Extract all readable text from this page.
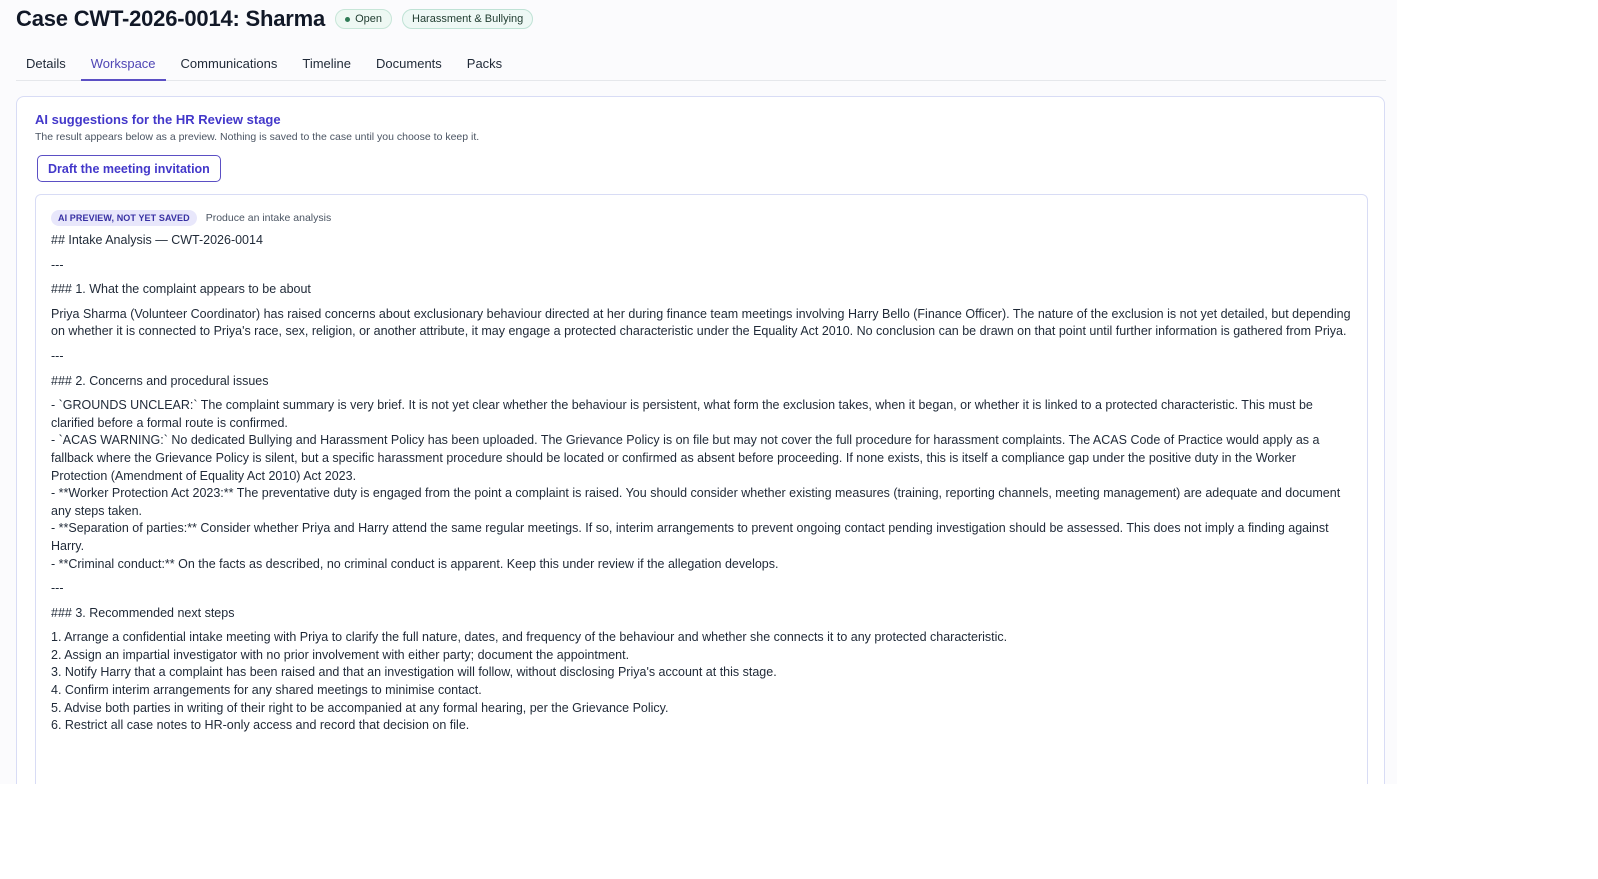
Case CWT-2026-0014: Sharma	Open	Harassment & Bullying
Details	Workspace	Communications	Timeline	Documents	Packs
AI suggestions for the HR Review stage
The result appears below as a preview. Nothing is saved to the case until you choose to keep it.
Draft the meeting invitation
AI PREVIEW, NOT YET SAVED	Produce an intake analysis

## Intake Analysis — CWT-2026-0014

---

### 1. What the complaint appears to be about

Priya Sharma (Volunteer Coordinator) has raised concerns about exclusionary behaviour directed at her during finance team meetings involving Harry Bello (Finance Officer). The nature of the exclusion is not yet detailed, but depending on whether it is connected to Priya's race, sex, religion, or another attribute, it may engage a protected characteristic under the Equality Act 2010. No conclusion can be drawn on that point until further information is gathered from Priya.

---

### 2. Concerns and procedural issues

- `GROUNDS UNCLEAR:` The complaint summary is very brief. It is not yet clear whether the behaviour is persistent, what form the exclusion takes, when it began, or whether it is linked to a protected characteristic. This must be clarified before a formal route is confirmed.
- `ACAS WARNING:` No dedicated Bullying and Harassment Policy has been uploaded. The Grievance Policy is on file but may not cover the full procedure for harassment complaints. The ACAS Code of Practice would apply as a fallback where the Grievance Policy is silent, but a specific harassment procedure should be located or confirmed as absent before proceeding. If none exists, this is itself a compliance gap under the positive duty in the Worker Protection (Amendment of Equality Act 2010) Act 2023.
- **Worker Protection Act 2023:** The preventative duty is engaged from the point a complaint is raised. You should consider whether existing measures (training, reporting channels, meeting management) are adequate and document any steps taken.
- **Separation of parties:** Consider whether Priya and Harry attend the same regular meetings. If so, interim arrangements to prevent ongoing contact pending investigation should be assessed. This does not imply a finding against Harry.
- **Criminal conduct:** On the facts as described, no criminal conduct is apparent. Keep this under review if the allegation develops.

---

### 3. Recommended next steps

1. Arrange a confidential intake meeting with Priya to clarify the full nature, dates, and frequency of the behaviour and whether she connects it to any protected characteristic.
2. Assign an impartial investigator with no prior involvement with either party; document the appointment.
3. Notify Harry that a complaint has been raised and that an investigation will follow, without disclosing Priya's account at this stage.
4. Confirm interim arrangements for any shared meetings to minimise contact.
5. Advise both parties in writing of their right to be accompanied at any formal hearing, per the Grievance Policy.
6. Restrict all case notes to HR-only access and record that decision on file.
